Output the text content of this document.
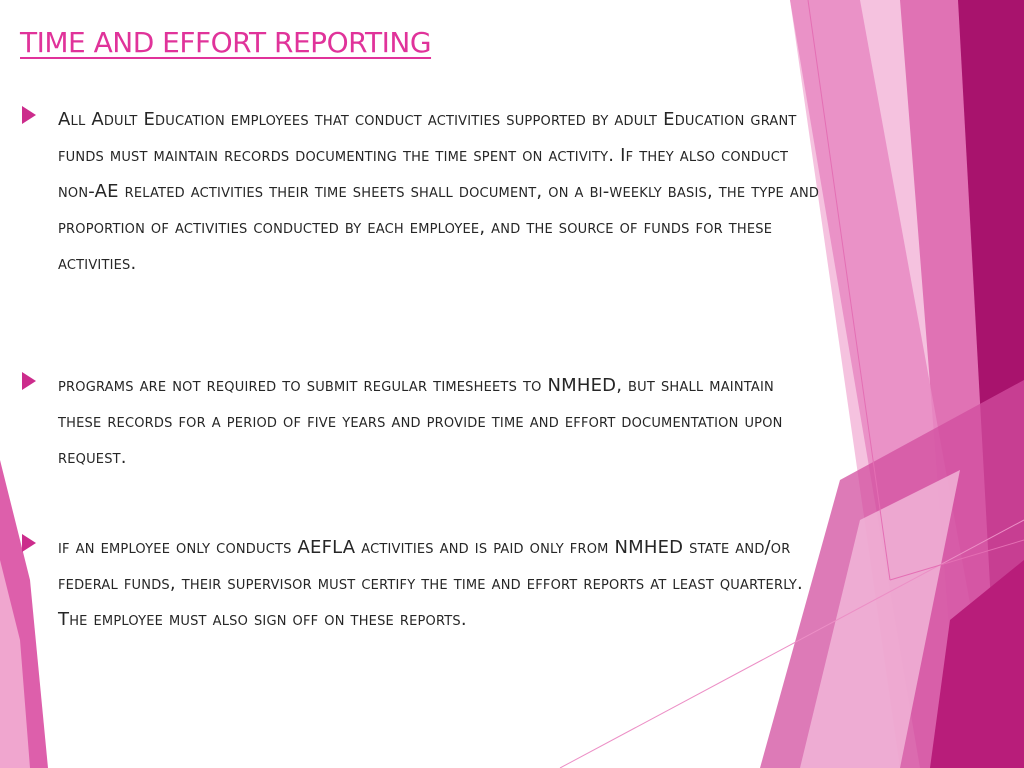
TIME AND EFFORT REPORTING

All Adult Education employees that conduct activities supported by adult Education grant funds must maintain records documenting the time spent on activity. If they also conduct non-AE related activities their time sheets shall document, on a bi-weekly basis, the type and proportion of activities conducted by each employee, and the source of funds for these activities.

programs are not required to submit regular timesheets to NMHED, but shall maintain these records for a period of five years and provide time and effort documentation upon request.

if an employee only conducts AEFLA activities and is paid only from NMHED state and/or federal funds, their supervisor must certify the time and effort reports at least quarterly. The employee must also sign off on these reports.
